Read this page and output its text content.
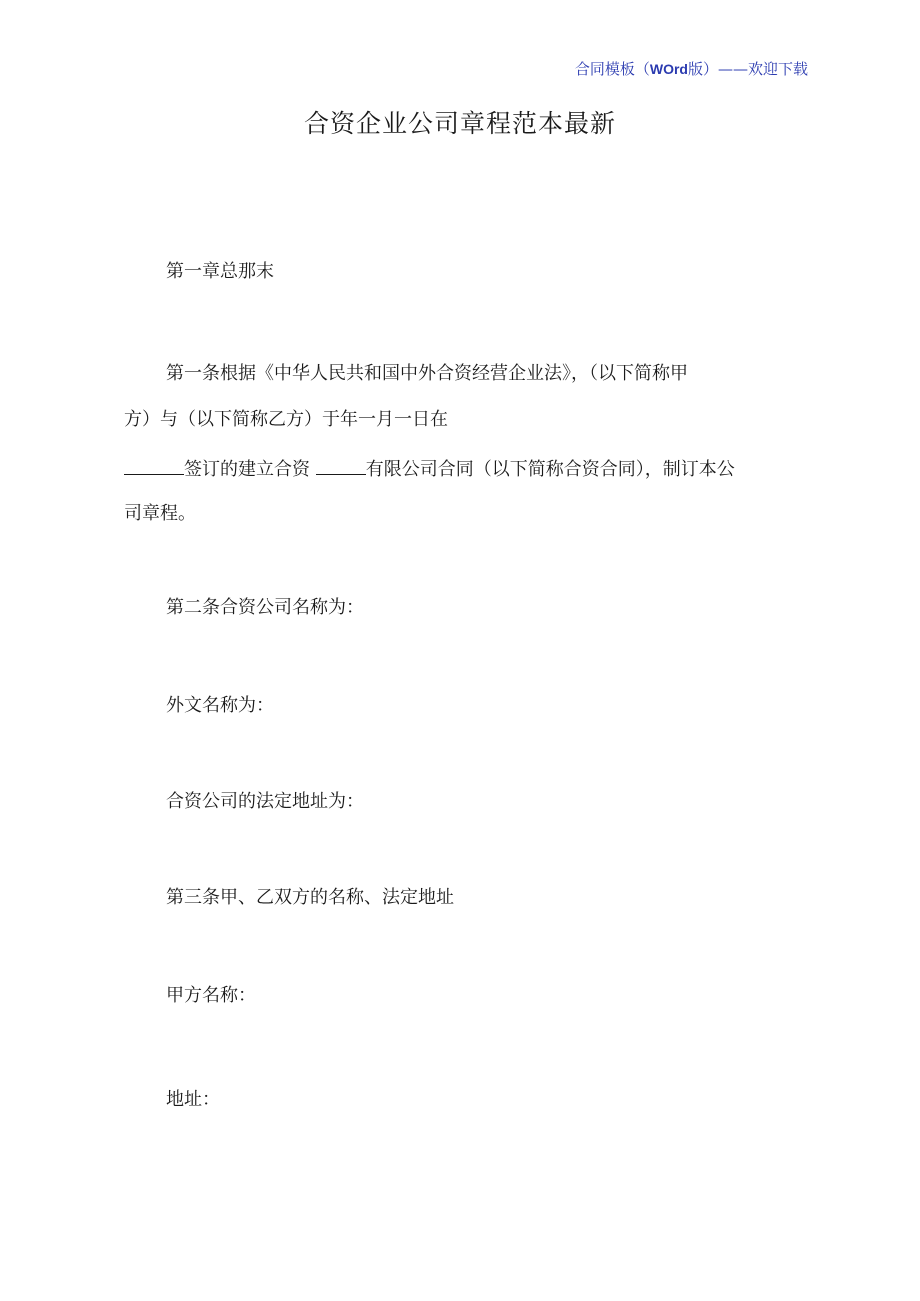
合同模板（WOrd版）——欢迎下载
合资企业公司章程范本最新
第一章总那末
第一条根据《中华人民共和国中外合资经营企业法》，（以下简称甲
方）与（以下简称乙方）于年一月一日在
签订的建立合资	有限公司合同（以下简称合资合同），制订本公
司章程。
第二条合资公司名称为：
外文名称为：
合资公司的法定地址为：
第三条甲、乙双方的名称、法定地址
甲方名称：
地址：
